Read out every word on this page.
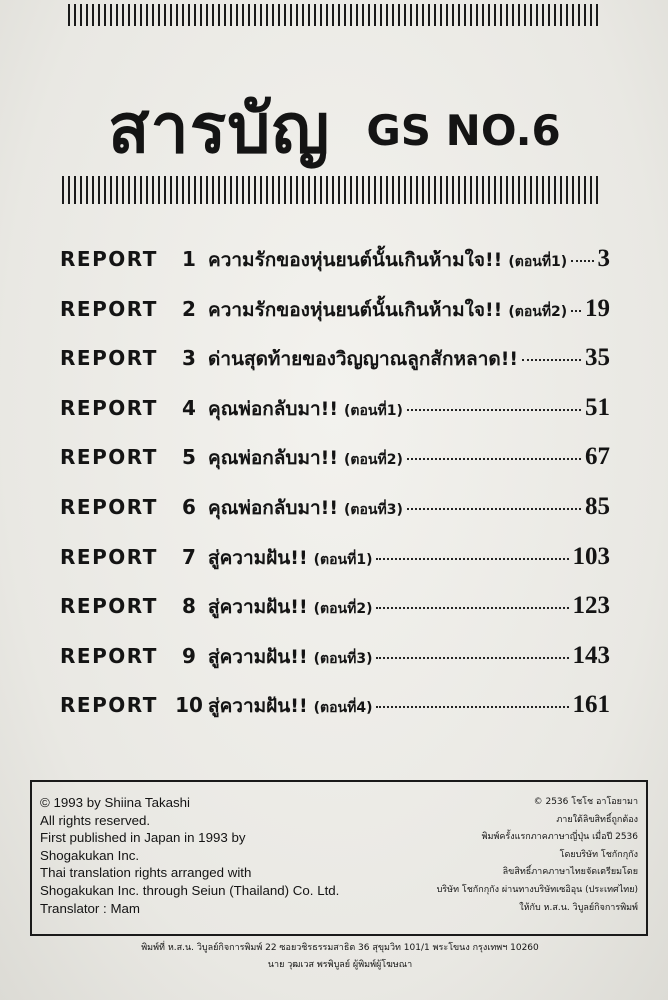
สารบัญ GS NO.6
REPORT	1 ความรักของหุ่นยนต์นั้นเกินห้ามใจ!! (ตอนที่1) 3
REPORT	2 ความรักของหุ่นยนต์นั้นเกินห้ามใจ!! (ตอนที่2) 19
REPORT	3 ด่านสุดท้ายของวิญญาณลูกสักหลาด!!	35
REPORT	4 คุณพ่อกลับมา!! (ตอนที่1)	51
REPORT	5 คุณพ่อกลับมา!! (ตอนที่2)	67
REPORT	6 คุณพ่อกลับมา!! (ตอนที่3)	85
REPORT	7 สู่ความฝัน!! (ตอนที่1)	103
REPORT	8 สู่ความฝัน!! (ตอนที่2)	123
REPORT	9 สู่ความฝัน!! (ตอนที่3)	143
REPORT 10 สู่ความฝัน!! (ตอนที่4)	161
© 1993 by Shiina Takashi
All rights reserved.
First published in Japan in 1993 by
Shogakukan Inc.
Thai translation rights arranged with
Shogakukan Inc. through Seiun (Thailand) Co. Ltd.
Translator : Mam
© 2536 โชโช อาโอยามา
ภายใต้ลิขสิทธิ์ถูกต้อง
พิมพ์ครั้งแรกภาคภาษาญี่ปุ่น เมื่อปี 2536
โดยบริษัท โชกักกุกัง
ลิขสิทธิ์ภาคภาษาไทยจัดเตรียมโดย
บริษัท โชกักกุกัง ผ่านทางบริษัทเซอิอุน (ประเทศไทย)
ให้กับ ห.ส.น. วิบูลย์กิจการพิมพ์
พิมพ์ที่ ห.ส.น. วิบูลย์กิจการพิมพ์ 22 ซอยวชิรธรรมสาธิต 36 สุขุมวิท 101/1 พระโขนง กรุงเทพฯ 10260
นาย วุฒเวส พรพิบูลย์ ผู้พิมพ์ผู้โฆษณา
